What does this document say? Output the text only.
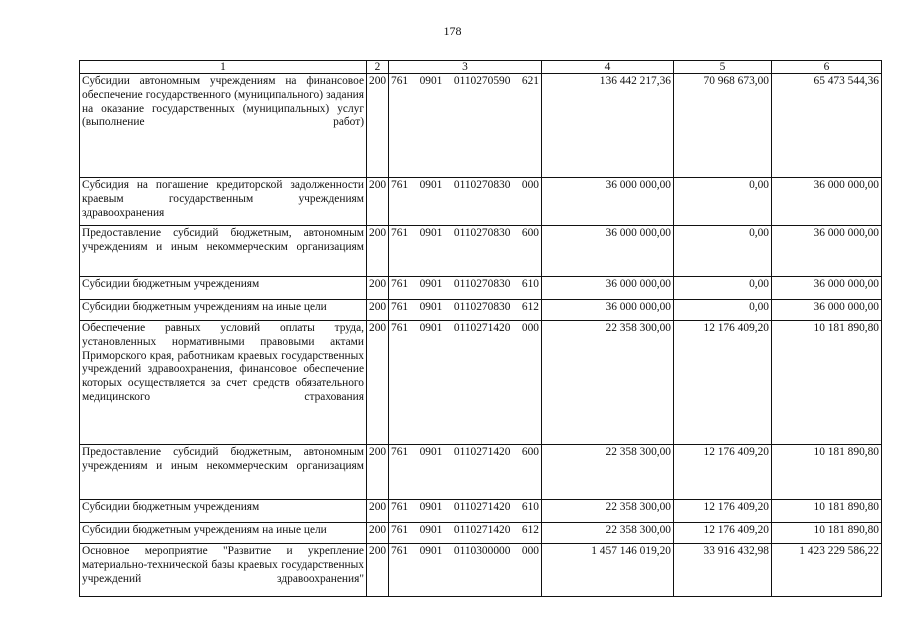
178
1	2	3	4	5	6
Субсидии автономным учреждениям на финансовое обеспечение государственного (муниципального) задания на оказание государственных (муниципальных) услуг (выполнение работ)	200	761 0901 0110270590 621	136 442 217,36	70 968 673,00	65 473 544,36
Субсидия на погашение кредиторской задолженности краевым государственным учреждениям здравоохранения	200	761 0901 0110270830 000	36 000 000,00	0,00	36 000 000,00
Предоставление субсидий бюджетным, автономным учреждениям и иным некоммерческим организациям	200	761 0901 0110270830 600	36 000 000,00	0,00	36 000 000,00
Субсидии бюджетным учреждениям	200	761 0901 0110270830 610	36 000 000,00	0,00	36 000 000,00
Субсидии бюджетным учреждениям на иные цели	200	761 0901 0110270830 612	36 000 000,00	0,00	36 000 000,00
Обеспечение равных условий оплаты труда, установленных нормативными правовыми актами Приморского края, работникам краевых государственных учреждений здравоохранения, финансовое обеспечение которых осуществляется за счет средств обязательного медицинского страхования	200	761 0901 0110271420 000	22 358 300,00	12 176 409,20	10 181 890,80
Предоставление субсидий бюджетным, автономным учреждениям и иным некоммерческим организациям	200	761 0901 0110271420 600	22 358 300,00	12 176 409,20	10 181 890,80
Субсидии бюджетным учреждениям	200	761 0901 0110271420 610	22 358 300,00	12 176 409,20	10 181 890,80
Субсидии бюджетным учреждениям на иные цели	200	761 0901 0110271420 612	22 358 300,00	12 176 409,20	10 181 890,80
Основное мероприятие "Развитие и укрепление материально-технической базы краевых государственных учреждений здравоохранения"	200	761 0901 0110300000 000	1 457 146 019,20	33 916 432,98	1 423 229 586,22
